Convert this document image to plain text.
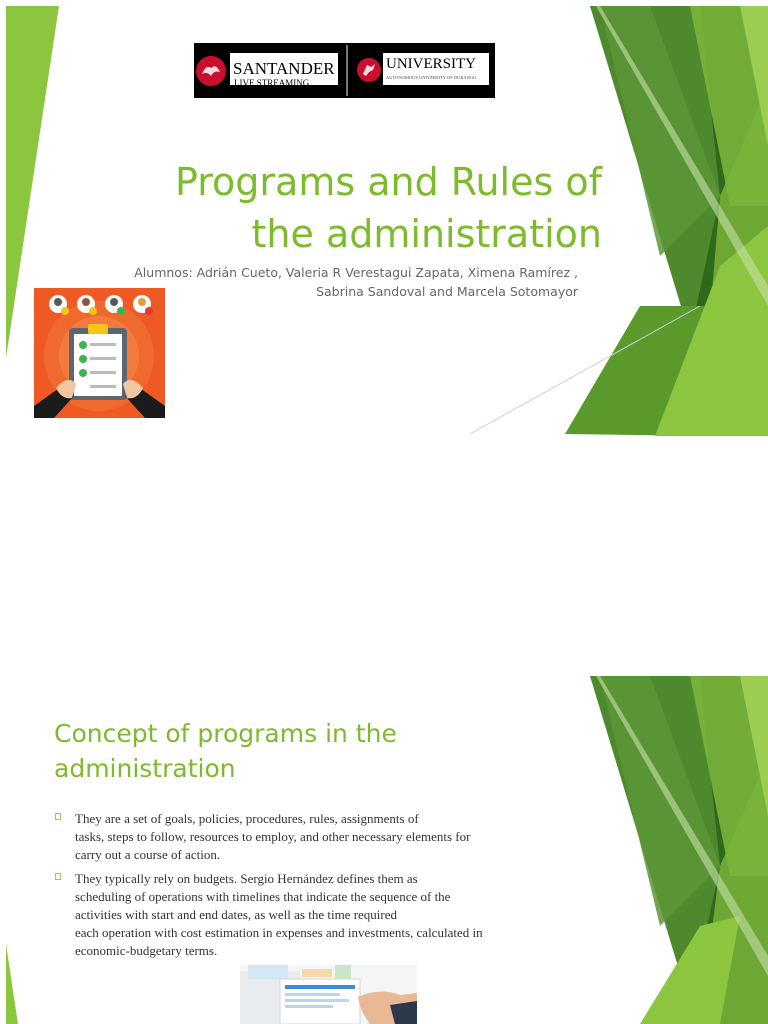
SANTANDER
LIVE STREAMING
UNIVERSITY
AUTONOMOUS UNIVERSITY OF DURANGO
Programs and Rules of
the administration
Alumnos: Adrián Cueto, Valeria R Verestagui Zapata, Ximena Ramírez ,
Sabrina Sandoval and Marcela Sotomayor
Concept of programs in the administration
They are a set of goals, policies, procedures, rules, assignments of
tasks, steps to follow, resources to employ, and other necessary elements for
carry out a course of action.
They typically rely on budgets. Sergio Hernández defines them as
scheduling of operations with timelines that indicate the sequence of the
activities with start and end dates, as well as the time required
each operation with cost estimation in expenses and investments, calculated in
economic-budgetary terms.
